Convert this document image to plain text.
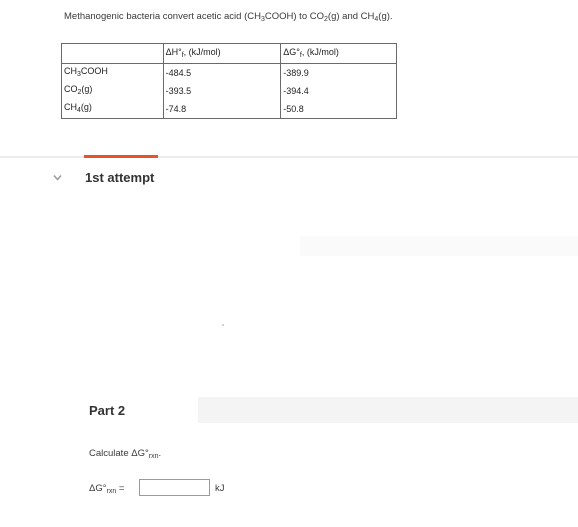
Methanogenic bacteria convert acetic acid $(CH_3COOH)$ to $CO_2(g)$ and $CH_4(g)$.
	$\Delta H^\circ_f$, (kJ/mol)	$\Delta G^\circ_f$, (kJ/mol)
$CH_3COOH$	-484.5	-389.9
$CO_2(g)$	-393.5	-394.4
$CH_4(g)$	-74.8	-50.8
1st attempt
Part 2
Calculate $\Delta G^\circ_{rxn}$.
$\Delta G^\circ_{rxn}$ =	kJ
